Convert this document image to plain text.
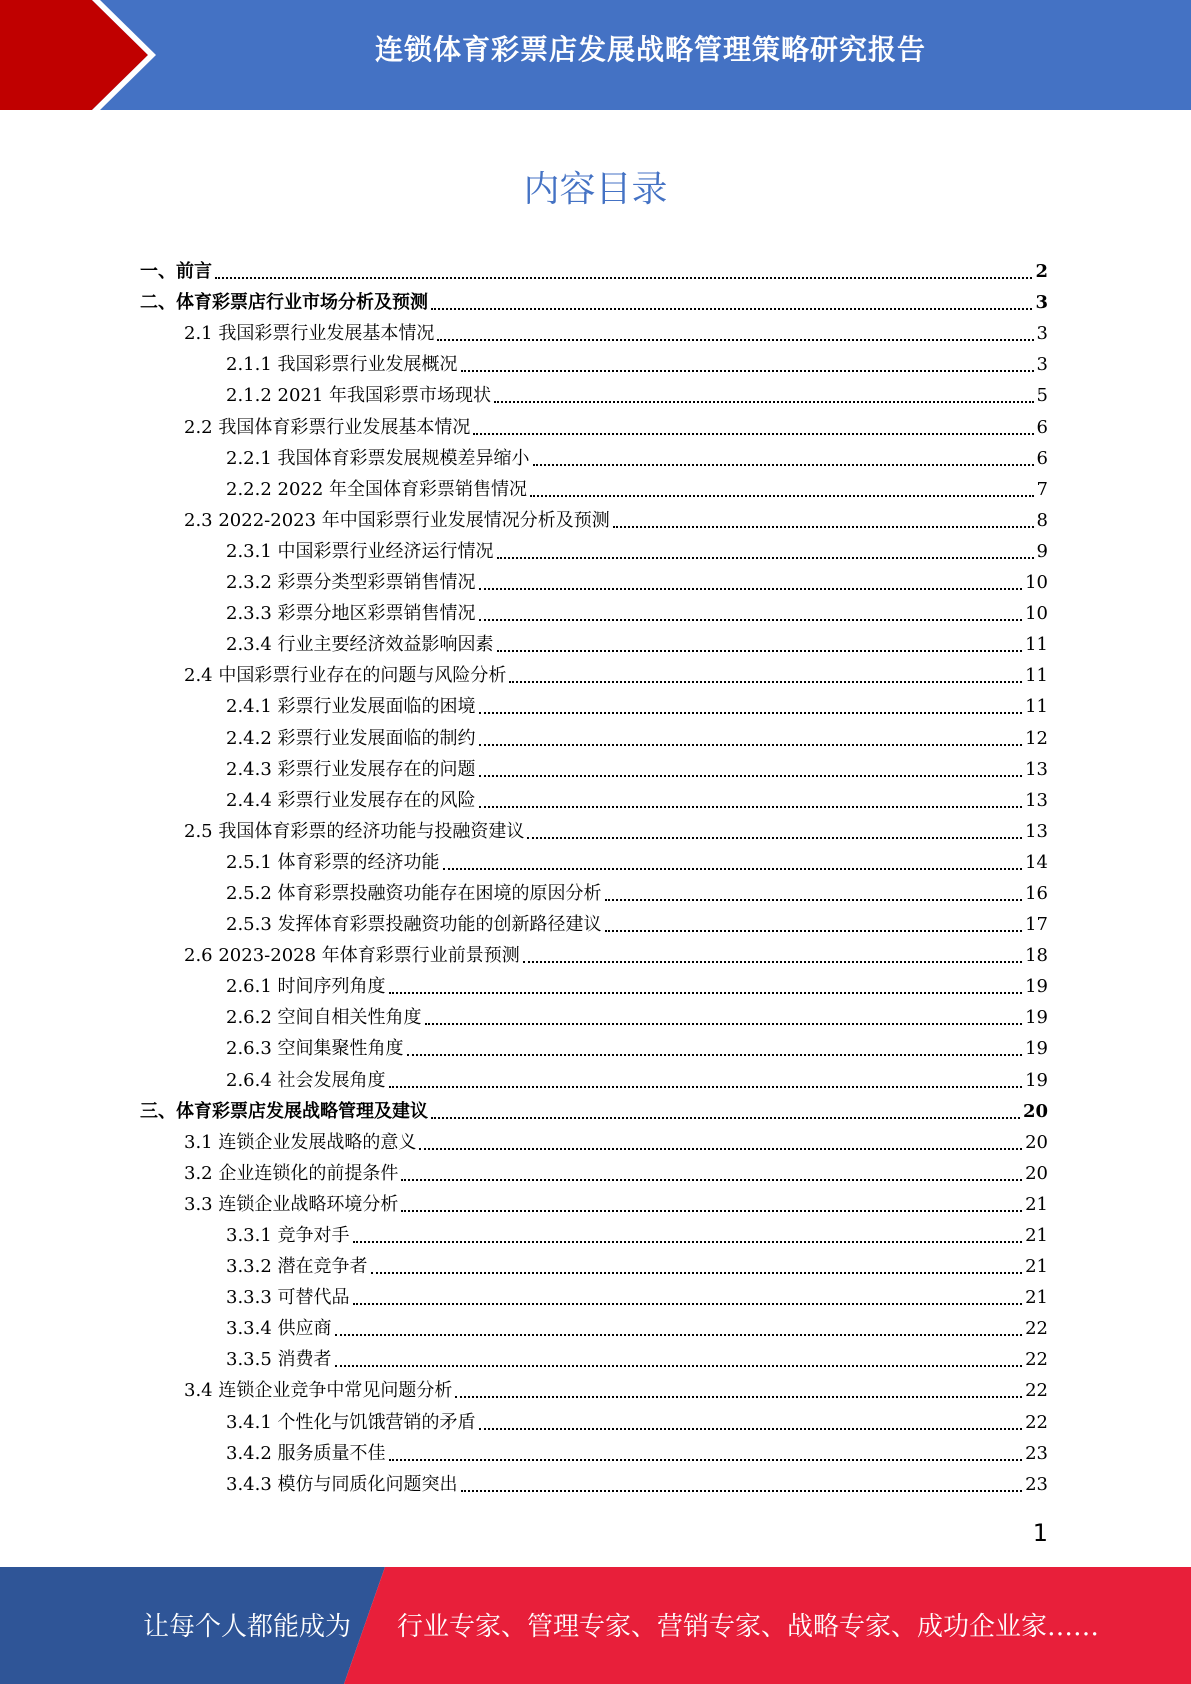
连锁体育彩票店发展战略管理策略研究报告
内容目录
一、前言	2
二、体育彩票店行业市场分析及预测	3
2.1 我国彩票行业发展基本情况	3
2.1.1 我国彩票行业发展概况	3
2.1.2 2021 年我国彩票市场现状	5
2.2 我国体育彩票行业发展基本情况	6
2.2.1 我国体育彩票发展规模差异缩小	6
2.2.2 2022 年全国体育彩票销售情况	7
2.3 2022-2023 年中国彩票行业发展情况分析及预测	8
2.3.1 中国彩票行业经济运行情况	9
2.3.2 彩票分类型彩票销售情况	10
2.3.3 彩票分地区彩票销售情况	10
2.3.4 行业主要经济效益影响因素	11
2.4 中国彩票行业存在的问题与风险分析	11
2.4.1 彩票行业发展面临的困境	11
2.4.2 彩票行业发展面临的制约	12
2.4.3 彩票行业发展存在的问题	13
2.4.4 彩票行业发展存在的风险	13
2.5 我国体育彩票的经济功能与投融资建议	13
2.5.1 体育彩票的经济功能	14
2.5.2 体育彩票投融资功能存在困境的原因分析	16
2.5.3 发挥体育彩票投融资功能的创新路径建议	17
2.6 2023-2028 年体育彩票行业前景预测	18
2.6.1 时间序列角度	19
2.6.2 空间自相关性角度	19
2.6.3 空间集聚性角度	19
2.6.4 社会发展角度	19
三、体育彩票店发展战略管理及建议	20
3.1 连锁企业发展战略的意义	20
3.2 企业连锁化的前提条件	20
3.3 连锁企业战略环境分析	21
3.3.1 竞争对手	21
3.3.2 潜在竞争者	21
3.3.3 可替代品	21
3.3.4 供应商	22
3.3.5 消费者	22
3.4 连锁企业竞争中常见问题分析	22
3.4.1 个性化与饥饿营销的矛盾	22
3.4.2 服务质量不佳	23
3.4.3 模仿与同质化问题突出	23
1
让每个人都能成为 行业专家、管理专家、营销专家、战略专家、成功企业家……
